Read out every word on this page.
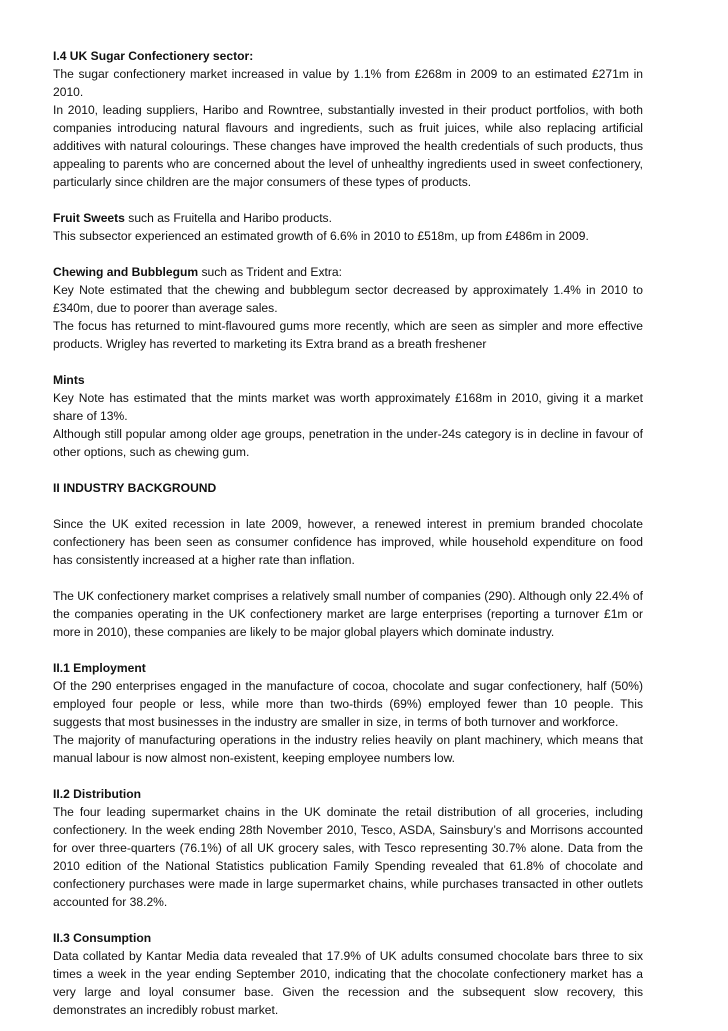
I.4 UK Sugar Confectionery sector:

The sugar confectionery market increased in value by 1.1% from £268m in 2009 to an estimated £271m in 2010.

In 2010, leading suppliers, Haribo and Rowntree, substantially invested in their product portfolios, with both companies introducing natural flavours and ingredients, such as fruit juices, while also replacing artificial additives with natural colourings. These changes have improved the health credentials of such products, thus appealing to parents who are concerned about the level of unhealthy ingredients used in sweet confectionery, particularly since children are the major consumers of these types of products.

Fruit Sweets such as Fruitella and Haribo products.

This subsector experienced an estimated growth of 6.6% in 2010 to £518m, up from £486m in 2009.

Chewing and Bubblegum such as Trident and Extra:

Key Note estimated that the chewing and bubblegum sector decreased by approximately 1.4% in 2010 to £340m, due to poorer than average sales.

The focus has returned to mint-flavoured gums more recently, which are seen as simpler and more effective products. Wrigley has reverted to marketing its Extra brand as a breath freshener

Mints

Key Note has estimated that the mints market was worth approximately £168m in 2010, giving it a market share of 13%.

Although still popular among older age groups, penetration in the under-24s category is in decline in favour of other options, such as chewing gum.

II INDUSTRY BACKGROUND

Since the UK exited recession in late 2009, however, a renewed interest in premium branded chocolate confectionery has been seen as consumer confidence has improved, while household expenditure on food has consistently increased at a higher rate than inflation.

The UK confectionery market comprises a relatively small number of companies (290). Although only 22.4% of the companies operating in the UK confectionery market are large enterprises (reporting a turnover £1m or more in 2010), these companies are likely to be major global players which dominate industry.

II.1 Employment

Of the 290 enterprises engaged in the manufacture of cocoa, chocolate and sugar confectionery, half (50%) employed four people or less, while more than two-thirds (69%) employed fewer than 10 people. This suggests that most businesses in the industry are smaller in size, in terms of both turnover and workforce.

The majority of manufacturing operations in the industry relies heavily on plant machinery, which means that manual labour is now almost non-existent, keeping employee numbers low.

II.2 Distribution

The four leading supermarket chains in the UK dominate the retail distribution of all groceries, including confectionery. In the week ending 28th November 2010, Tesco, ASDA, Sainsbury’s and Morrisons accounted for over three-quarters (76.1%) of all UK grocery sales, with Tesco representing 30.7% alone. Data from the 2010 edition of the National Statistics publication Family Spending revealed that 61.8% of chocolate and confectionery purchases were made in large supermarket chains, while purchases transacted in other outlets accounted for 38.2%.

II.3 Consumption

Data collated by Kantar Media data revealed that 17.9% of UK adults consumed chocolate bars three to six times a week in the year ending September 2010, indicating that the chocolate confectionery market has a very large and loyal consumer base. Given the recession and the subsequent slow recovery, this demonstrates an incredibly robust market.
